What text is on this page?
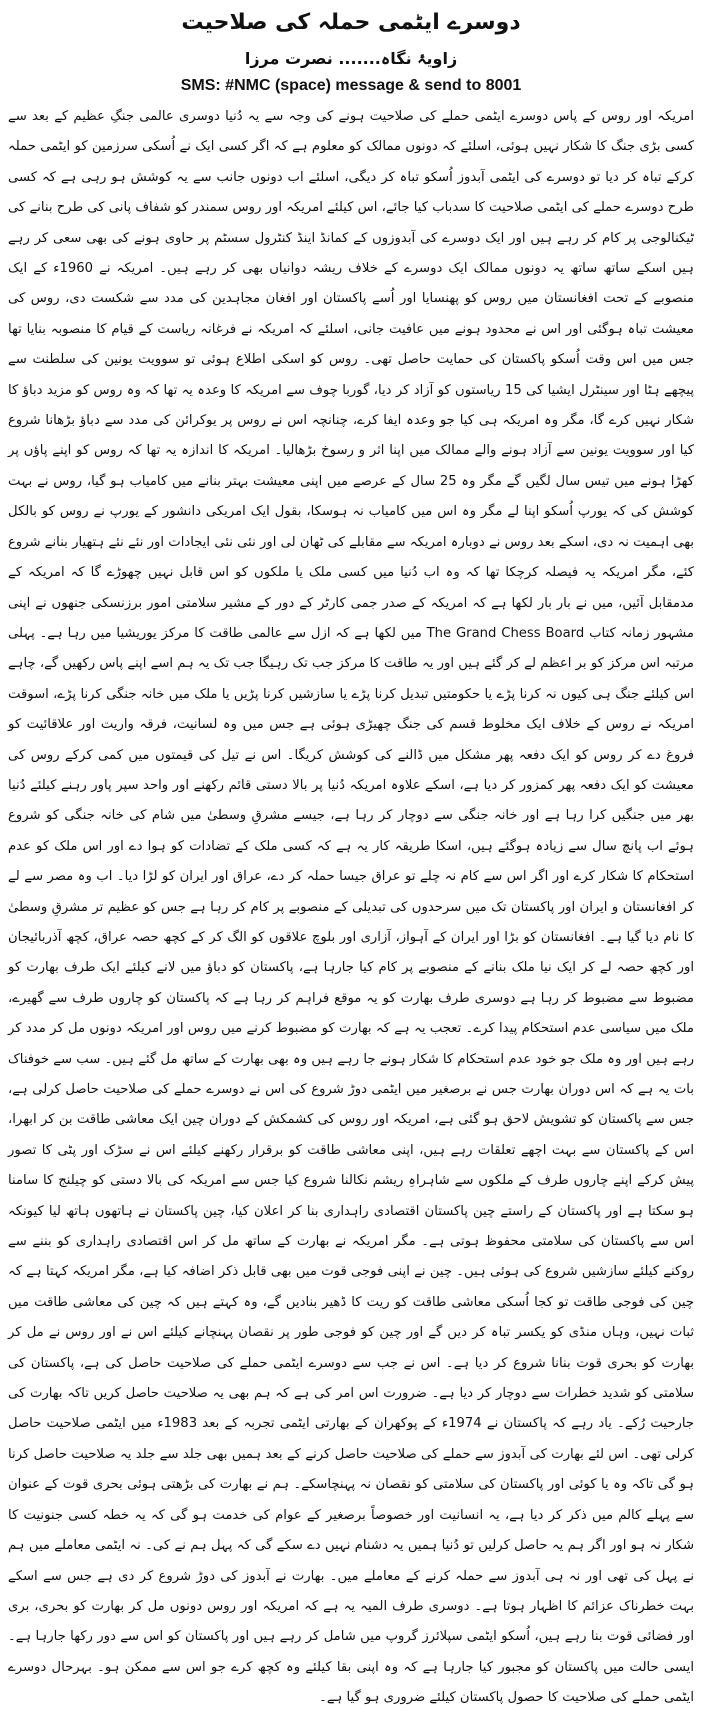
دوسرے ایٹمی حملہ کی صلاحیت
زاویۂ نگاہ....... نصرت مرزا
SMS: #NMC (space) message & send to 8001

امریکہ اور روس کے پاس دوسرے ایٹمی حملے کی صلاحیت ہونے کی وجہ سے یہ دُنیا دوسری عالمی جنگِ عظیم کے بعد سے کسی بڑی جنگ کا شکار نہیں ہوئی، اسلئے کہ دونوں ممالک کو معلوم ہے کہ اگر کسی ایک نے اُسکی سرزمین کو ایٹمی حملہ کرکے تباہ کر دیا تو دوسرے کی ایٹمی آبدوز اُسکو تباہ کر دیگی، اسلئے اب دونوں جانب سے یہ کوشش ہو رہی ہے کہ کسی طرح دوسرے حملے کی ایٹمی صلاحیت کا سدباب کیا جائے، اس کیلئے امریکہ اور روس سمندر کو شفاف پانی کی طرح بنانے کی ٹیکنالوجی پر کام کر رہے ہیں اور ایک دوسرے کی آبدوزوں کے کمانڈ اینڈ کنٹرول سسٹم پر حاوی ہونے کی بھی سعی کر رہے ہیں اسکے ساتھ ساتھ یہ دونوں ممالک ایک دوسرے کے خلاف ریشہ دوانیاں بھی کر رہے ہیں۔ امریکہ نے 1960ء کے ایک منصوبے کے تحت افغانستان میں روس کو پھنسایا اور اُسے پاکستان اور افغان مجاہدین کی مدد سے شکست دی، روس کی معیشت تباہ ہوگئی اور اس نے محدود ہونے میں عافیت جانی، اسلئے کہ امریکہ نے فرغانہ ریاست کے قیام کا منصوبہ بنایا تھا جس میں اس وقت اُسکو پاکستان کی حمایت حاصل تھی۔ روس کو اسکی اطلاع ہوئی تو سوویت یونین کی سلطنت سے پیچھے ہٹا اور سینٹرل ایشیا کی 15 ریاستوں کو آزاد کر دیا، گوربا چوف سے امریکہ کا وعدہ یہ تھا کہ وہ روس کو مزید دباؤ کا شکار نہیں کرے گا، مگر وہ امریکہ ہی کیا جو وعدہ ایفا کرے، چنانچہ اس نے روس پر یوکرائن کی مدد سے دباؤ بڑھانا شروع کیا اور سوویت یونین سے آزاد ہونے والے ممالک میں اپنا اثر و رسوخ بڑھالیا۔ امریکہ کا اندازہ یہ تھا کہ روس کو اپنے پاؤں پر کھڑا ہونے میں تیس سال لگیں گے مگر وہ 25 سال کے عرصے میں اپنی معیشت بہتر بنانے میں کامیاب ہو گیا، روس نے بہت کوشش کی کہ یورپ اُسکو اپنا لے مگر وہ اس میں کامیاب نہ ہوسکا، بقول ایک امریکی دانشور کے یورپ نے روس کو بالکل بھی اہمیت نہ دی، اسکے بعد روس نے دوبارہ امریکہ سے مقابلے کی ٹھان لی اور نئی نئی ایجادات اور نئے نئے ہتھیار بنانے شروع کئے، مگر امریکہ یہ فیصلہ کرچکا تھا کہ وہ اب دُنیا میں کسی ملک یا ملکوں کو اس قابل نہیں چھوڑے گا کہ امریکہ کے مدمقابل آئیں، میں نے بار بار لکھا ہے کہ امریکہ کے صدر جمی کارٹر کے دور کے مشیر سلامتی امور برزنسکی جنھوں نے اپنی مشہور زمانہ کتاب The Grand Chess Board میں لکھا ہے کہ ازل سے عالمی طاقت کا مرکز یوریشیا میں رہا ہے۔ پہلی مرتبہ اس مرکز کو بر اعظم لے کر گئے ہیں اور یہ طاقت کا مرکز جب تک رہیگا جب تک یہ ہم اسے اپنے پاس رکھیں گے، چاہے اس کیلئے جنگ ہی کیوں نہ کرنا پڑے یا حکومتیں تبدیل کرنا پڑے یا سازشیں کرنا پڑیں یا ملک میں خانہ جنگی کرنا پڑے، اسوقت امریکہ نے روس کے خلاف ایک مخلوط قسم کی جنگ چھیڑی ہوئی ہے جس میں وہ لسانیت، فرقہ واریت اور علاقائیت کو فروغ دے کر روس کو ایک دفعہ پھر مشکل میں ڈالنے کی کوشش کریگا۔ اس نے تیل کی قیمتوں میں کمی کرکے روس کی معیشت کو ایک دفعہ پھر کمزور کر دیا ہے، اسکے علاوہ امریکہ دُنیا پر بالا دستی قائم رکھنے اور واحد سپر پاور رہنے کیلئے دُنیا بھر میں جنگیں کرا رہا ہے اور خانہ جنگی سے دوچار کر رہا ہے، جیسے مشرقِ وسطیٰ میں شام کی خانہ جنگی کو شروع ہوئے اب پانچ سال سے زیادہ ہوگئے ہیں، اسکا طریقہ کار یہ ہے کہ کسی ملک کے تضادات کو ہوا دے اور اس ملک کو عدم استحکام کا شکار کرے اور اگر اس سے کام نہ چلے تو عراق جیسا حملہ کر دے، عراق اور ایران کو لڑا دیا۔ اب وہ مصر سے لے کر افغانستان و ایران اور پاکستان تک میں سرحدوں کی تبدیلی کے منصوبے پر کام کر رہا ہے جس کو عظیم تر مشرقِ وسطیٰ کا نام دیا گیا ہے۔ افغانستان کو بڑا اور ایران کے آہواز، آزاری اور بلوچ علاقوں کو الگ کر کے کچھ حصہ عراق، کچھ آذربائیجان اور کچھ حصہ لے کر ایک نیا ملک بنانے کے منصوبے پر کام کیا جارہا ہے، پاکستان کو دباؤ میں لانے کیلئے ایک طرف بھارت کو مضبوط سے مضبوط کر رہا ہے دوسری طرف بھارت کو یہ موقع فراہم کر رہا ہے کہ پاکستان کو چاروں طرف سے گھیرے، ملک میں سیاسی عدم استحکام پیدا کرے۔ تعجب یہ ہے کہ بھارت کو مضبوط کرنے میں روس اور امریکہ دونوں مل کر مدد کر رہے ہیں اور وہ ملک جو خود عدم استحکام کا شکار ہونے جا رہے ہیں وہ بھی بھارت کے ساتھ مل گئے ہیں۔ سب سے خوفناک بات یہ ہے کہ اس دوران بھارت جس نے برصغیر میں ایٹمی دوڑ شروع کی اس نے دوسرے حملے کی صلاحیت حاصل کرلی ہے، جس سے پاکستان کو تشویش لاحق ہو گئی ہے، امریکہ اور روس کی کشمکش کے دوران چین ایک معاشی طاقت بن کر ابھرا، اس کے پاکستان سے بہت اچھے تعلقات رہے ہیں، اپنی معاشی طاقت کو برقرار رکھنے کیلئے اس نے سڑک اور پٹی کا تصور پیش کرکے اپنے چاروں طرف کے ملکوں سے شاہراہِ ریشم نکالنا شروع کیا جس سے امریکہ کی بالا دستی کو چیلنج کا سامنا ہو سکتا ہے اور پاکستان کے راستے چین پاکستان اقتصادی راہداری بنا کر اعلان کیا، چین پاکستان نے ہاتھوں ہاتھ لیا کیونکہ اس سے پاکستان کی سلامتی محفوظ ہوتی ہے۔ مگر امریکہ نے بھارت کے ساتھ مل کر اس اقتصادی راہداری کو بننے سے روکنے کیلئے سازشیں شروع کی ہوئی ہیں۔ چین نے اپنی فوجی قوت میں بھی قابل ذکر اضافہ کیا ہے، مگر امریکہ کہتا ہے کہ چین کی فوجی طاقت تو کجا اُسکی معاشی طاقت کو ریت کا ڈھیر بنادیں گے، وہ کہتے ہیں کہ چین کی معاشی طاقت میں ثبات نہیں، وہاں منڈی کو یکسر تباہ کر دیں گے اور چین کو فوجی طور پر نقصان پہنچانے کیلئے اس نے اور روس نے مل کر بھارت کو بحری قوت بنانا شروع کر دیا ہے۔ اس نے جب سے دوسرے ایٹمی حملے کی صلاحیت حاصل کی ہے، پاکستان کی سلامتی کو شدید خطرات سے دوچار کر دیا ہے۔ ضرورت اس امر کی ہے کہ ہم بھی یہ صلاحیت حاصل کریں تاکہ بھارت کی جارحیت رُکے۔ یاد رہے کہ پاکستان نے 1974ء کے پوکھران کے بھارتی ایٹمی تجربہ کے بعد 1983ء میں ایٹمی صلاحیت حاصل کرلی تھی۔ اس لئے بھارت کی آبدوز سے حملے کی صلاحیت حاصل کرنے کے بعد ہمیں بھی جلد سے جلد یہ صلاحیت حاصل کرنا ہو گی تاکہ وہ یا کوئی اور پاکستان کی سلامتی کو نقصان نہ پہنچاسکے۔ ہم نے بھارت کی بڑھتی ہوئی بحری قوت کے عنوان سے پہلے کالم میں ذکر کر دیا ہے، یہ انسانیت اور خصوصاً برصغیر کے عوام کی خدمت ہو گی کہ یہ خطہ کسی جنونیت کا شکار نہ ہو اور اگر ہم یہ حاصل کرلیں تو دُنیا ہمیں یہ دشنام نہیں دے سکے گی کہ پہل ہم نے کی۔ نہ ایٹمی معاملے میں ہم نے پہل کی تھی اور نہ ہی آبدوز سے حملہ کرنے کے معاملے میں۔ بھارت نے آبدوز کی دوڑ شروع کر دی ہے جس سے اسکے بہت خطرناک عزائم کا اظہار ہوتا ہے۔ دوسری طرف المیہ یہ ہے کہ امریکہ اور روس دونوں مل کر بھارت کو بحری، بری اور فضائی قوت بنا رہے ہیں، اُسکو ایٹمی سپلائرز گروپ میں شامل کر رہے ہیں اور پاکستان کو اس سے دور رکھا جارہا ہے۔ ایسی حالت میں پاکستان کو مجبور کیا جارہا ہے کہ وہ اپنی بقا کیلئے وہ کچھ کرے جو اس سے ممکن ہو۔ بہرحال دوسرے ایٹمی حملے کی صلاحیت کا حصول پاکستان کیلئے ضروری ہو گیا ہے۔
